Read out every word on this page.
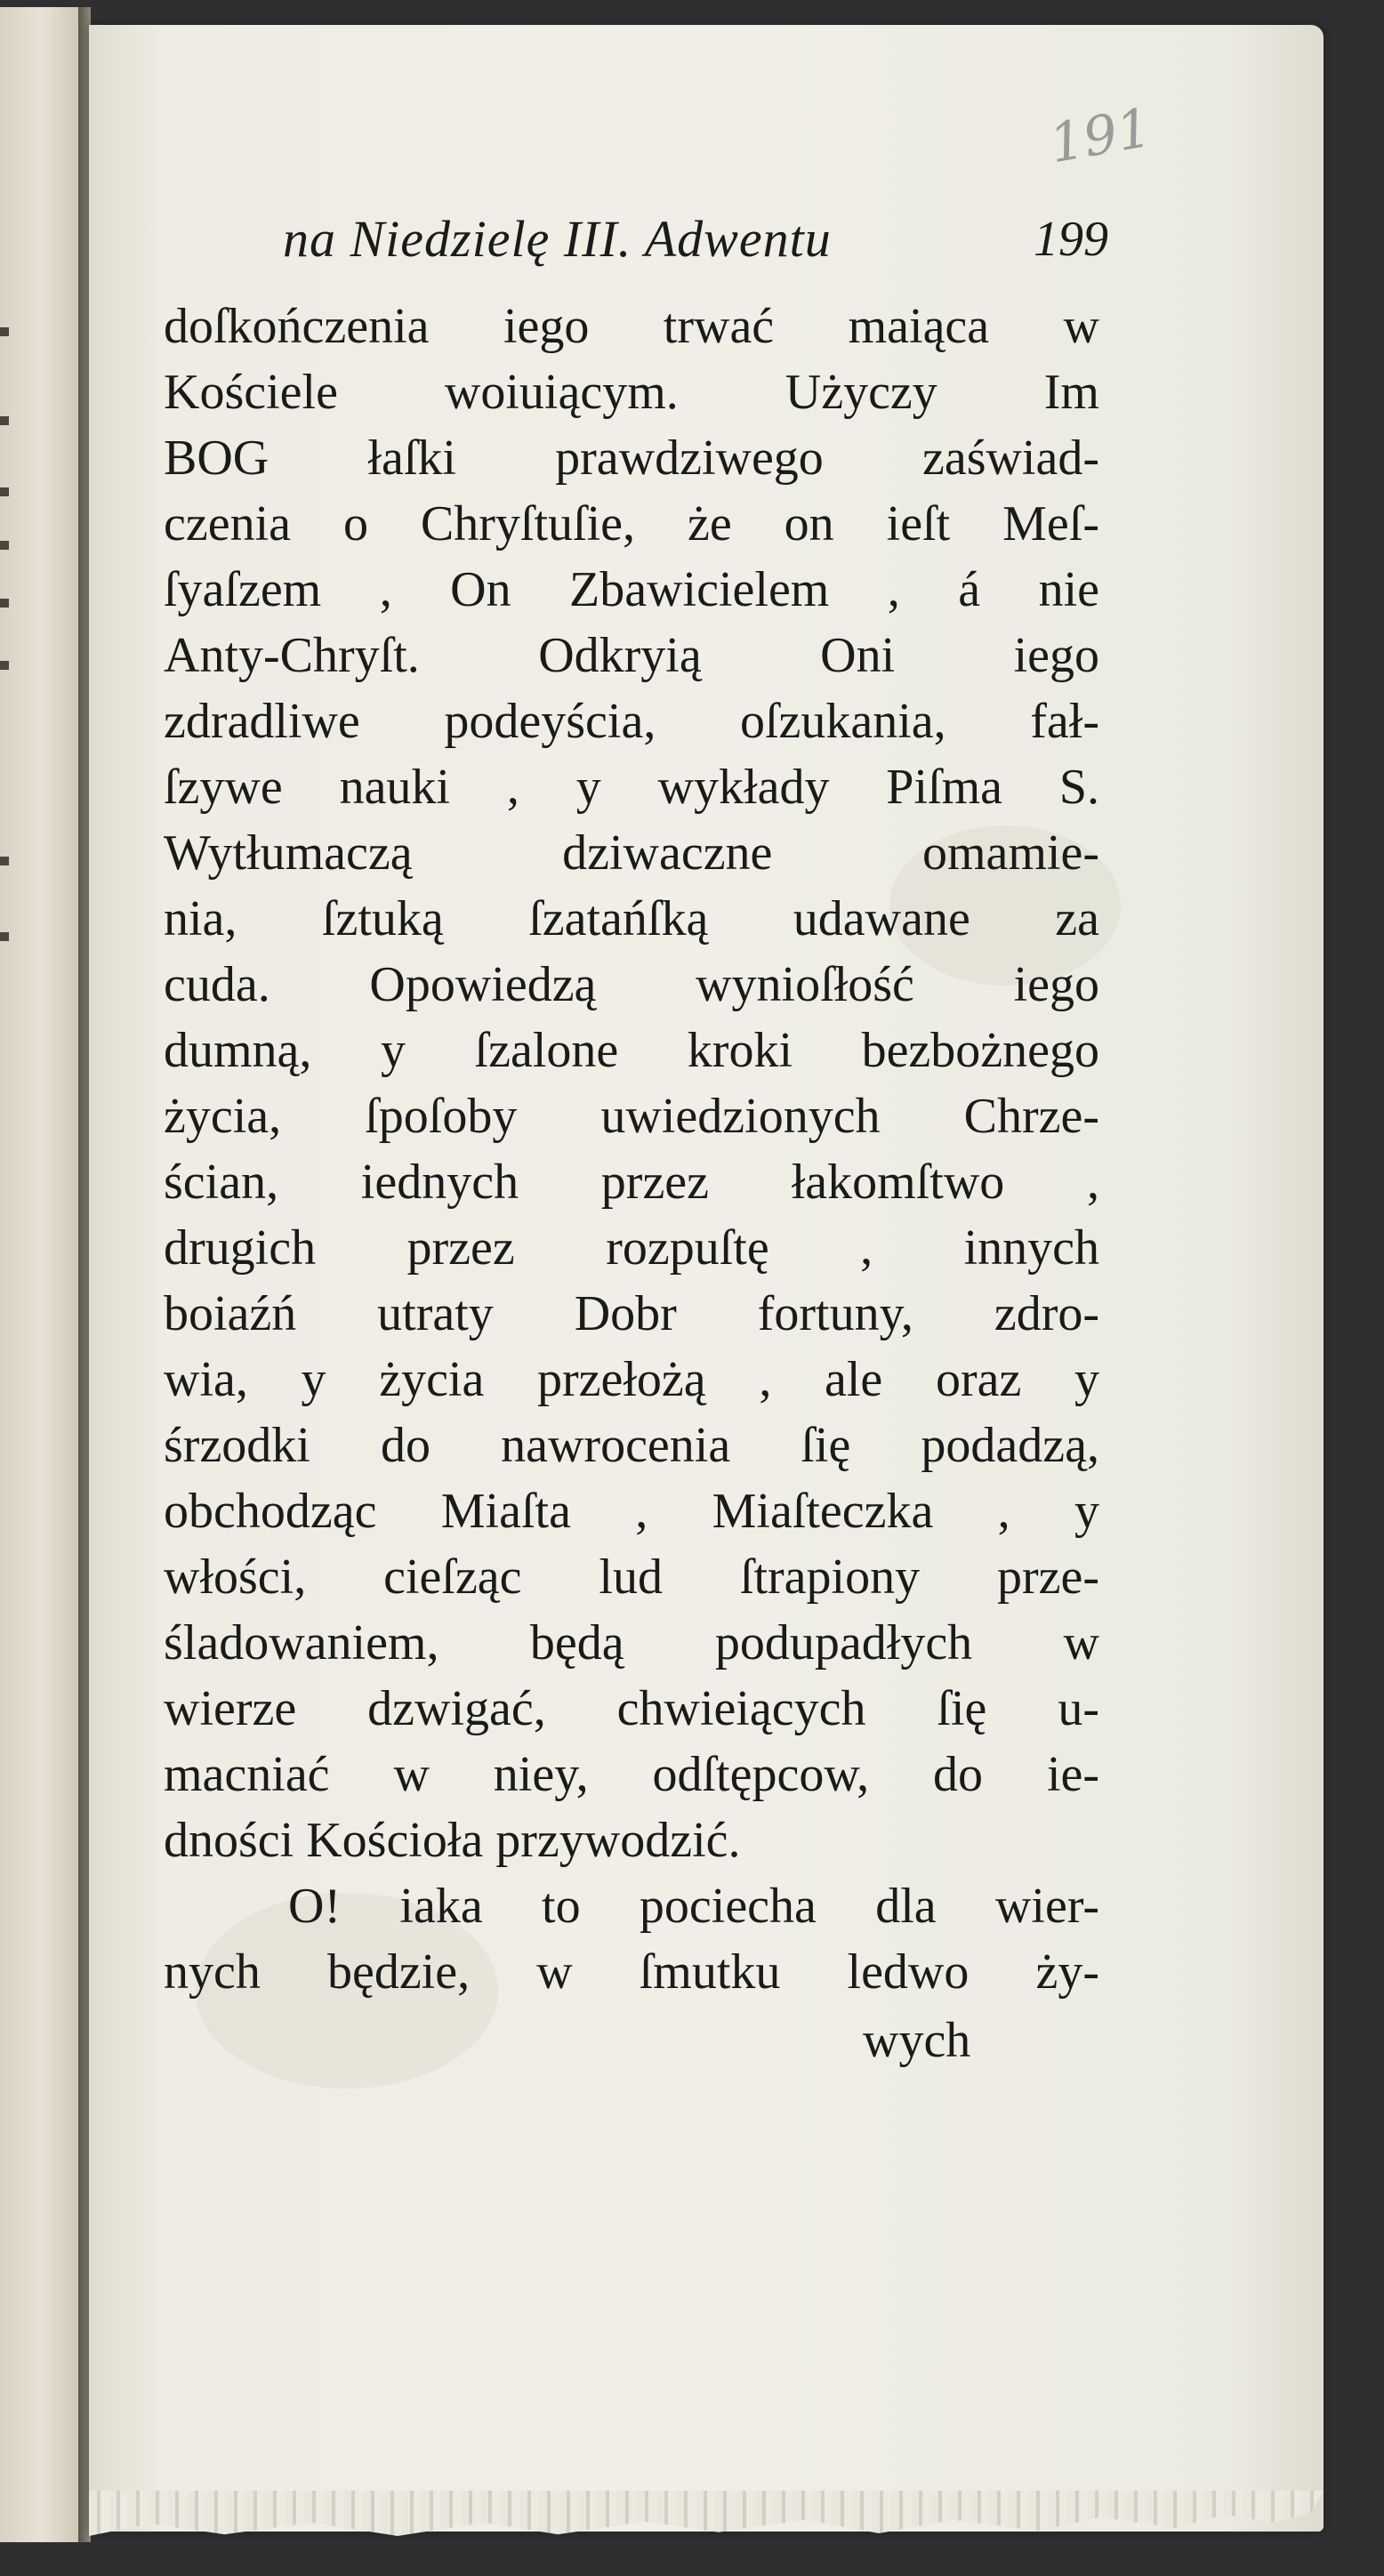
191
na Niedzielę III. Adwentu	199
doſkończenia iego trwać maiąca w
Kościele woiuiącym. Użyczy Im
BOG łaſki prawdziwego zaświad-
czenia o Chryſtuſie, że on ieſt Meſ-
ſyaſzem , On Zbawicielem , á nie
Anty-Chryſt. Odkryią Oni iego
zdradliwe podeyścia, oſzukania, fał-
ſzywe nauki , y wykłady Piſma S.
Wytłumaczą dziwaczne omamie-
nia, ſztuką ſzatańſką udawane za
cuda. Opowiedzą wynioſłość iego
dumną, y ſzalone kroki bezbożnego
życia, ſpoſoby uwiedzionych Chrze-
ścian, iednych przez łakomſtwo ,
drugich przez rozpuſtę , innych
boiaźń utraty Dobr fortuny, zdro-
wia, y życia przełożą , ale oraz y
śrzodki do nawrocenia ſię podadzą,
obchodząc Miaſta , Miaſteczka , y
włości, cieſząc lud ſtrapiony prze-
śladowaniem, będą podupadłych w
wierze dzwigać, chwieiących ſię u-
macniać w niey, odſtępcow, do ie-
dności Kościoła przywodzić.
O! iaka to pociecha dla wier-
nych będzie, w ſmutku ledwo ży-
wych
